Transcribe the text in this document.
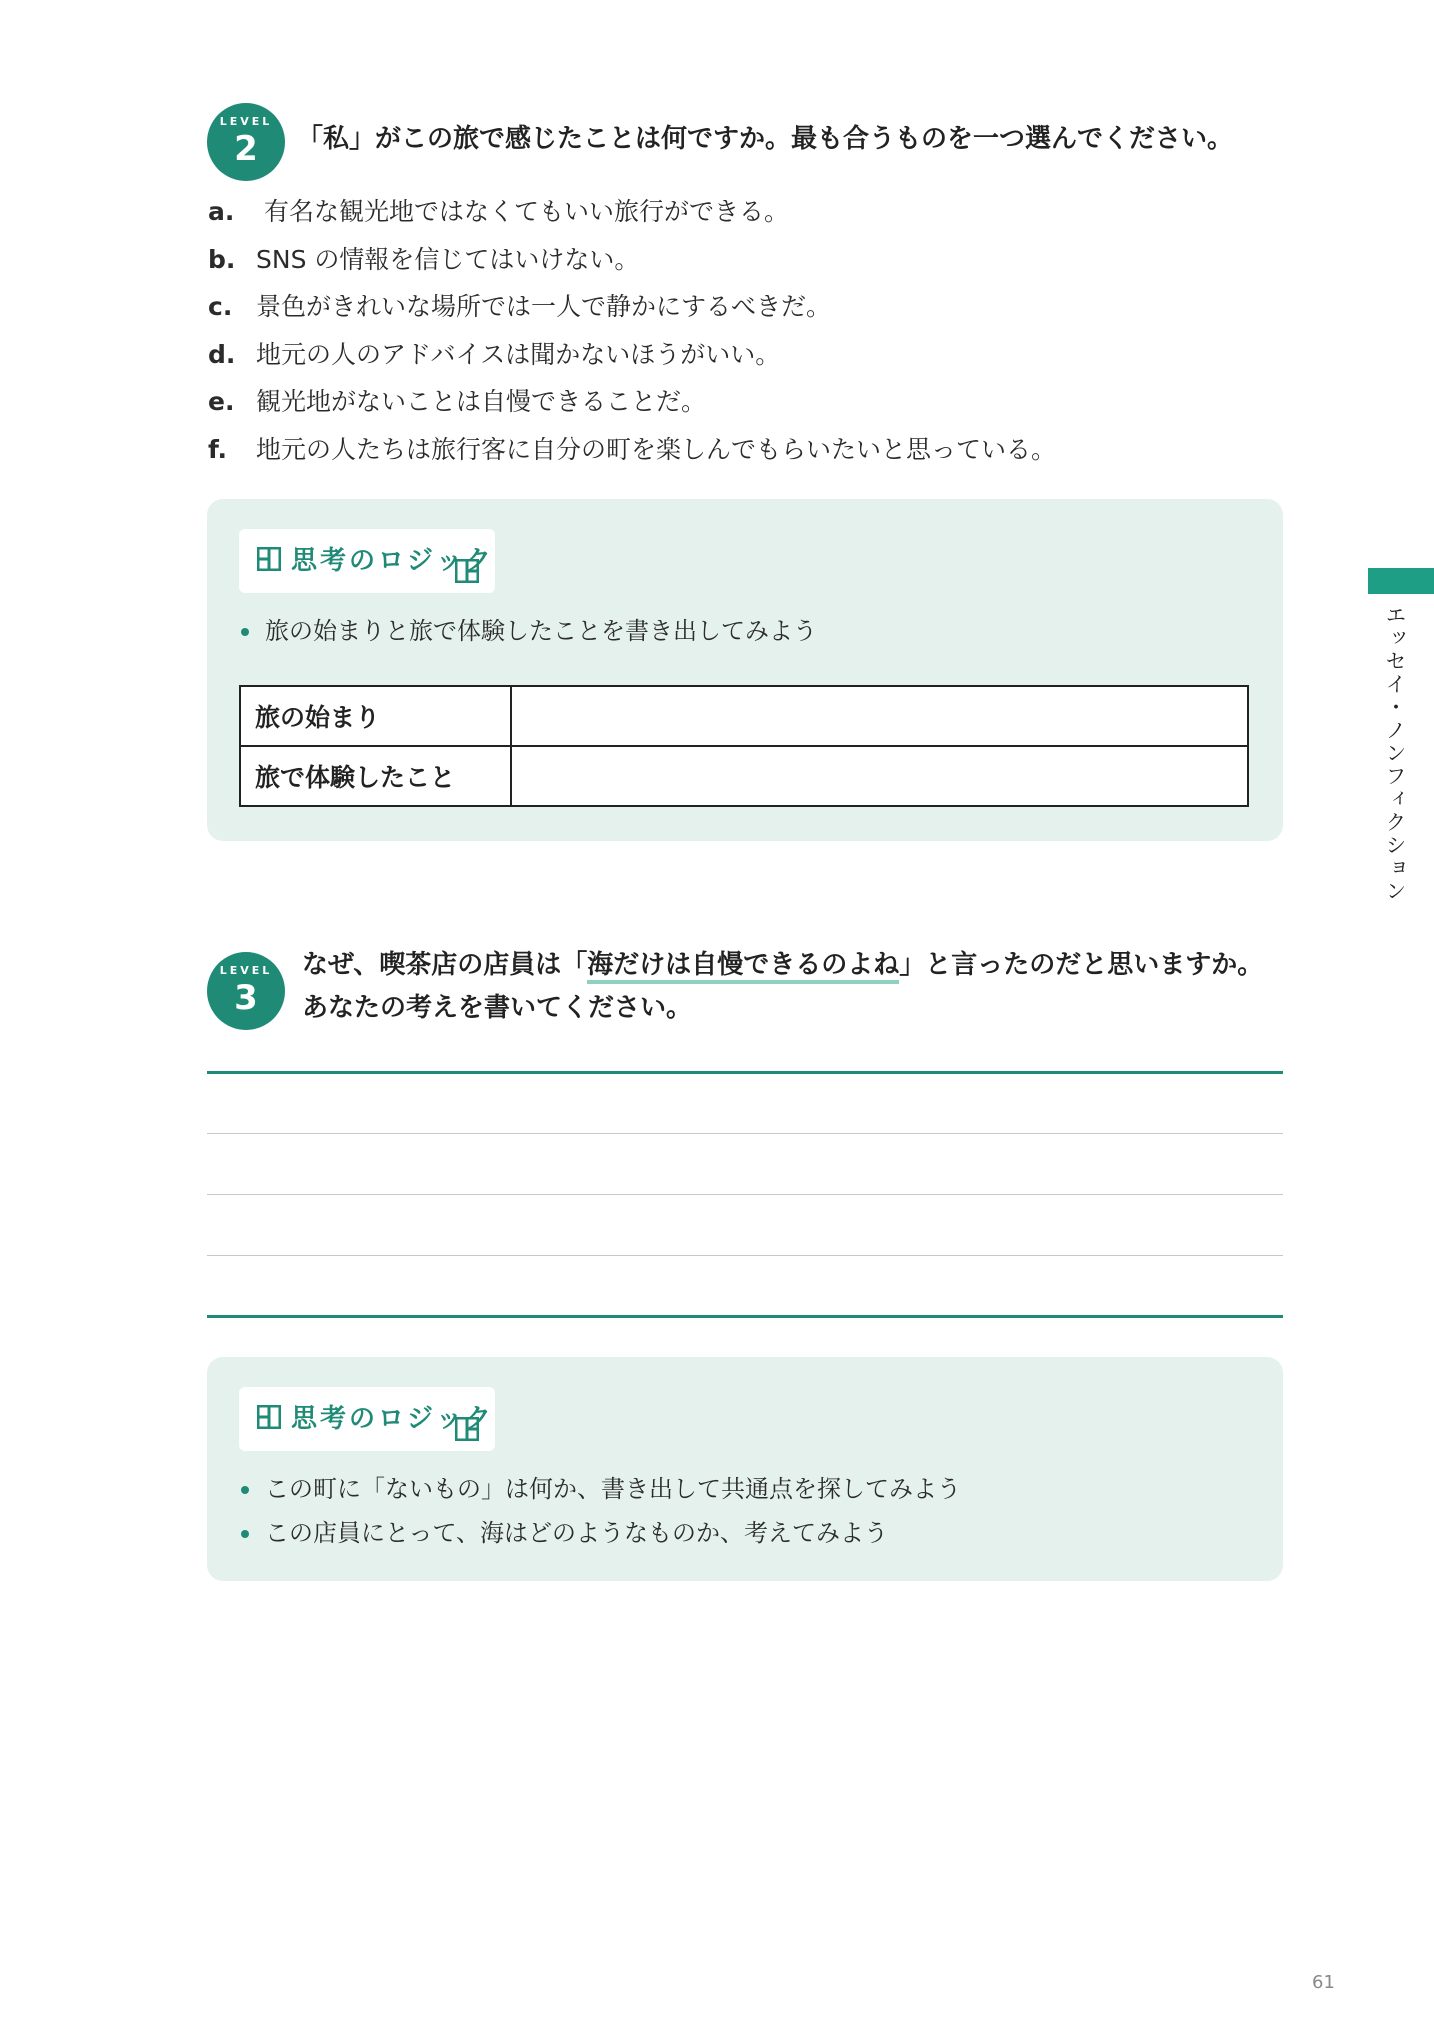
LEVEL
2	「私」がこの旅で感じたことは何ですか。最も合うものを一つ選んでください。
a. 有名な観光地ではなくてもいい旅行ができる。
b. SNS の情報を信じてはいけない。
c. 景色がきれいな場所では一人で静かにするべきだ。
d. 地元の人のアドバイスは聞かないほうがいい。
e. 観光地がないことは自慢できることだ。
f. 地元の人たちは旅行客に自分の町を楽しんでもらいたいと思っている。
思考のロジック
旅の始まりと旅で体験したことを書き出してみよう
旅の始まり	
旅で体験したこと	
LEVEL
3
なぜ、喫茶店の店員は「海だけは自慢できるのよね」と言ったのだと思いますか。
あなたの考えを書いてください。
思考のロジック
この町に「ないもの」は何か、書き出して共通点を探してみよう
この店員にとって、海はどのようなものか、考えてみよう
エッセイ・ノンフィクション
61
